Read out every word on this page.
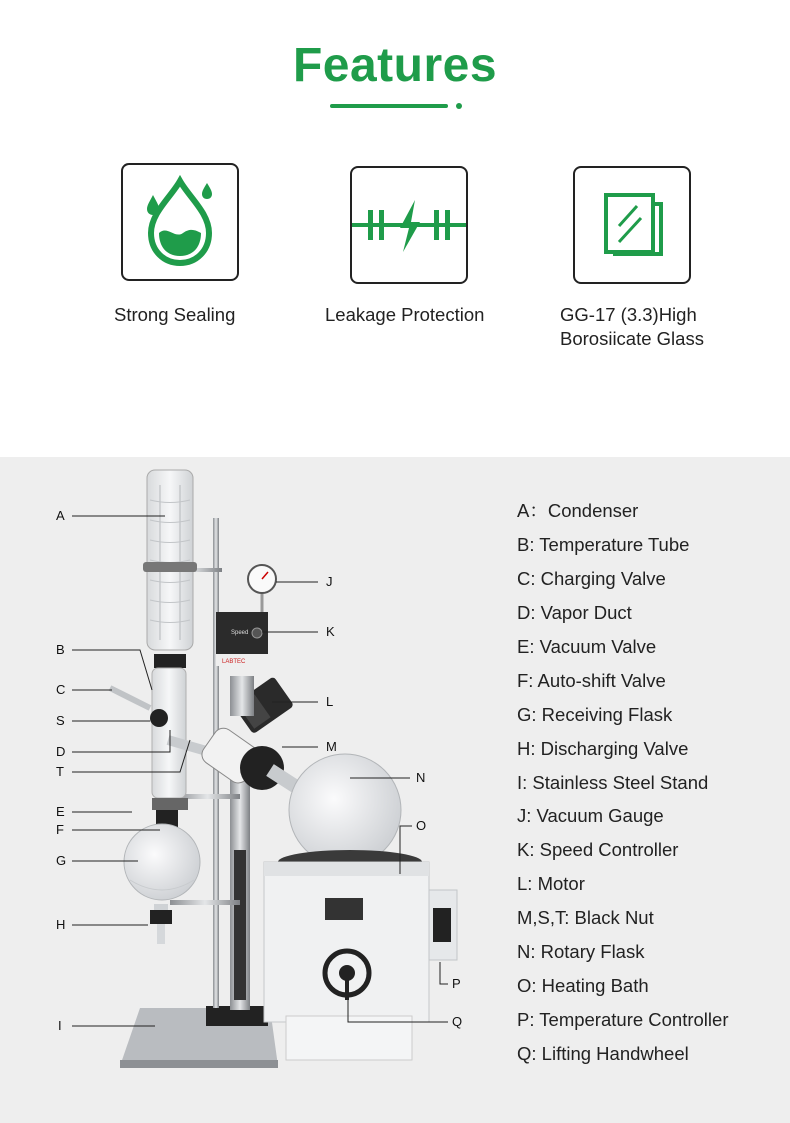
Features
Strong Sealing	Leakage Protection	GG-17 (3.3)High
Borosiicate Glass
Speed
LABTEC
A
B
C
S
D
T
E
F
G
H
I
J
K
L
M
N
O
P
Q
A：Condenser
B: Temperature Tube
C: Charging Valve
D: Vapor Duct
E: Vacuum Valve
F: Auto-shift Valve
G: Receiving Flask
H: Discharging Valve
I: Stainless Steel Stand
J: Vacuum Gauge
K: Speed Controller
L: Motor
M,S,T: Black Nut
N: Rotary Flask
O: Heating Bath
P: Temperature Controller
Q: Lifting Handwheel
